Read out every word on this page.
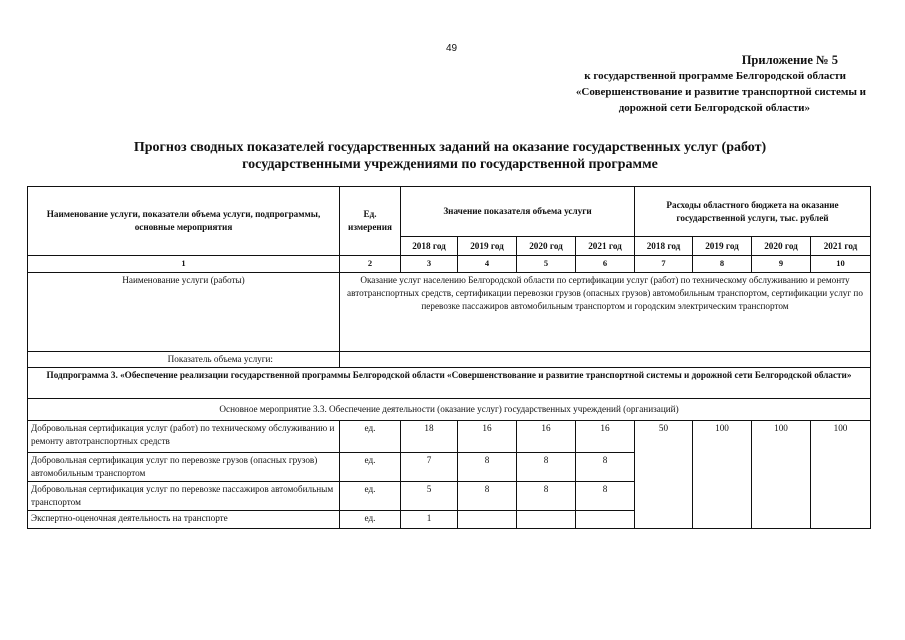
49
Приложение № 5
к государственной программе Белгородской области
«Совершенствование и развитие транспортной системы и
дорожной сети Белгородской области»
Прогноз сводных показателей государственных заданий на оказание государственных услуг (работ)
государственными учреждениями по государственной программе
Наименование услуги, показатели объема услуги, подпрограммы, основные мероприятия	Ед. измерения	Значение показателя объема услуги				Расходы областного бюджета на оказание государственной услуги, тыс. рублей			
		2018 год	2019 год	2020 год	2021 год	2018 год	2019 год	2020 год	2021 год
1	2	3	4	5	6	7	8	9	10
Наименование услуги (работы)	Оказание услуг населению Белгородской области по сертификации услуг (работ) по техническому обслуживанию и ремонту автотранспортных средств, сертификации перевозки грузов (опасных грузов) автомобильным транспортом, сертификации услуг по перевозке пассажиров автомобильным транспортом и городским электрическим транспортом								
Показатель объема услуги:									
Подпрограмма 3. «Обеспечение реализации государственной программы Белгородской области «Совершенствование и развитие транспортной системы и дорожной сети Белгородской области»									
Основное мероприятие 3.3. Обеспечение деятельности (оказание услуг) государственных учреждений (организаций)									
Добровольная сертификация услуг (работ) по техническому обслуживанию и ремонту автотранспортных средств	ед.	18	16	16	16	50	100	100	100
Добровольная сертификация услуг по перевозке грузов (опасных грузов) автомобильным транспортом	ед.	7	8	8	8				
Добровольная сертификация услуг по перевозке пассажиров автомобильным транспортом	ед.	5	8	8	8				
Экспертно-оценочная деятельность на транспорте	ед.	1							
